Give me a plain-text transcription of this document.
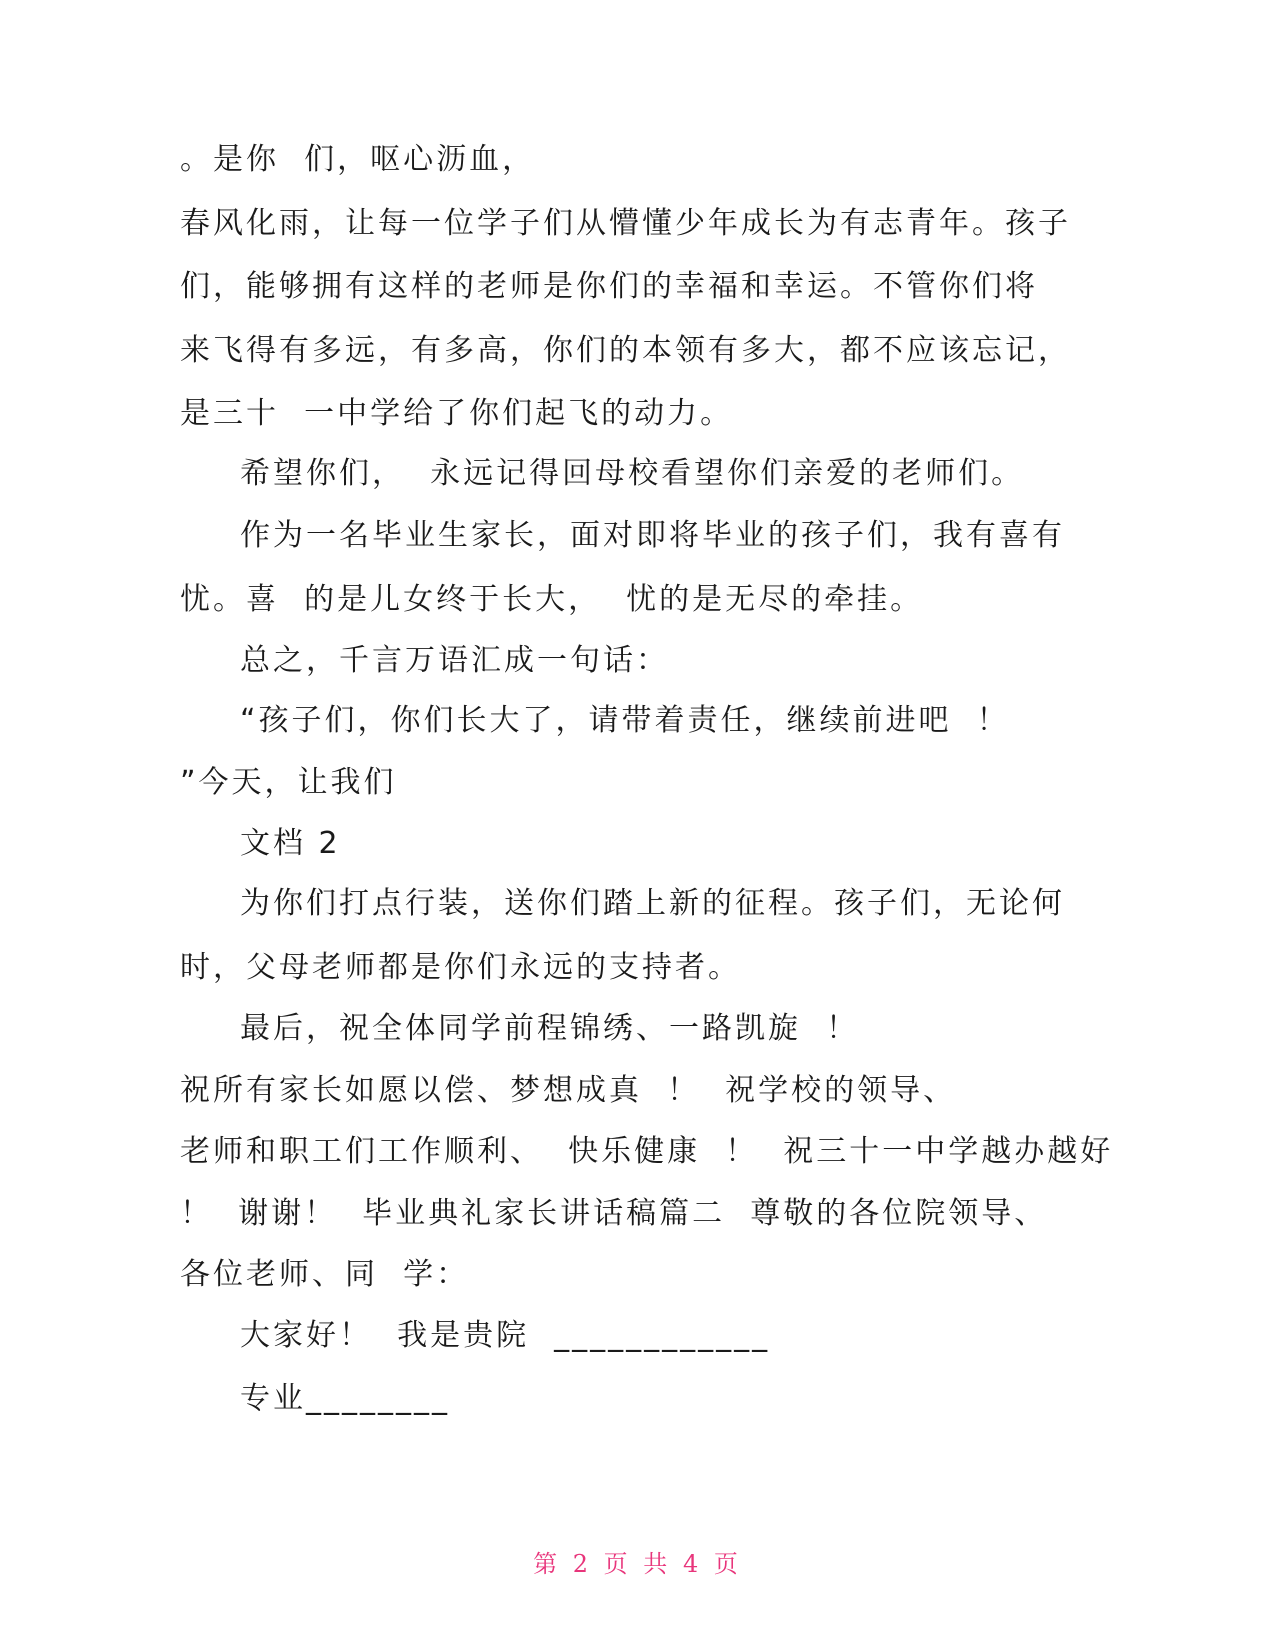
。是你  们，呕心沥血，
春风化雨，让每一位学子们从懵懂少年成长为有志青年。孩子
们，能够拥有这样的老师是你们的幸福和幸运。不管你们将
来飞得有多远，有多高，你们的本领有多大，都不应该忘记，
是三十  一中学给了你们起飞的动力。
希望你们，  永远记得回母校看望你们亲爱的老师们。
作为一名毕业生家长，面对即将毕业的孩子们，我有喜有
忧。喜  的是儿女终于长大，  忧的是无尽的牵挂。
总之，千言万语汇成一句话：
“孩子们，你们长大了，请带着责任，继续前进吧  ！
”今天，让我们
文档 2
为你们打点行装，送你们踏上新的征程。孩子们，无论何
时，父母老师都是你们永远的支持者。
最后，祝全体同学前程锦绣、一路凯旋  ！
祝所有家长如愿以偿、梦想成真  ！  祝学校的领导、
老师和职工们工作顺利、  快乐健康  ！  祝三十一中学越办越好
！  谢谢！  毕业典礼家长讲话稿篇二  尊敬的各位院领导、
各位老师、同  学：
大家好！  我是贵院  ____________
专业________
第 2 页 共 4 页
